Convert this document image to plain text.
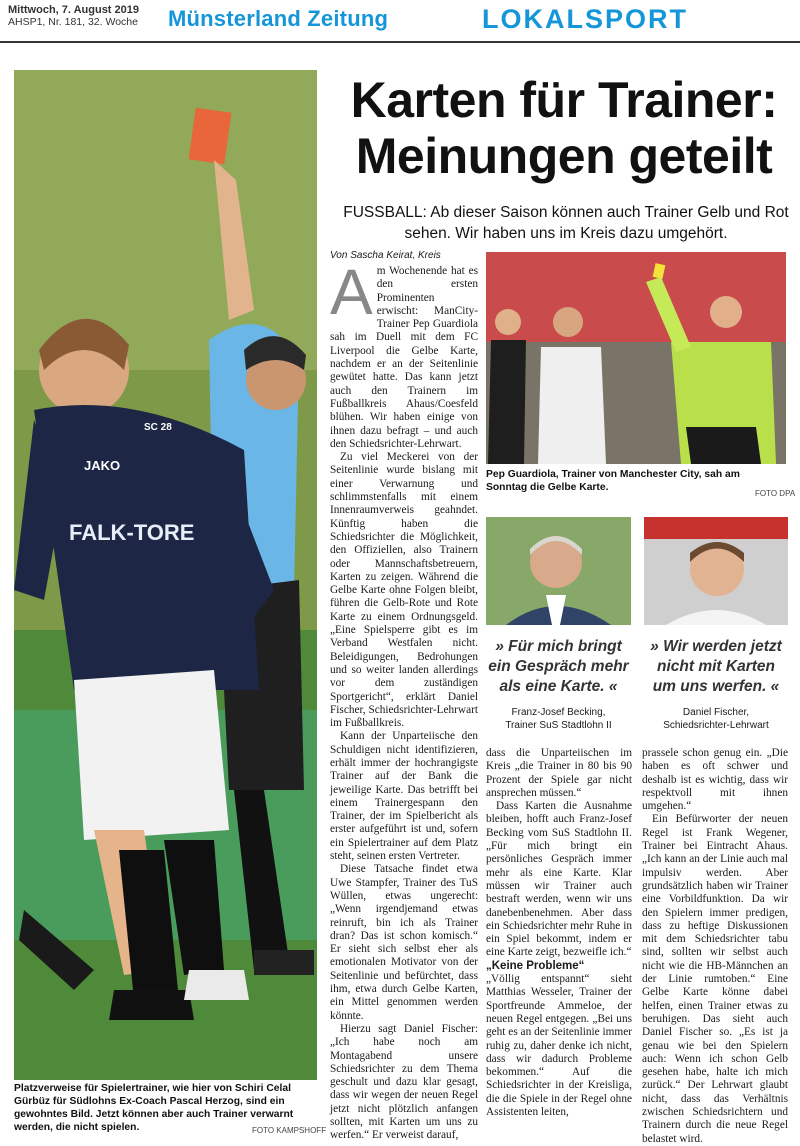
Mittwoch, 7. August 2019
AHSP1, Nr. 181, 32. Woche Münsterland Zeitung	LOKALSPORT
JAKO
SC 28
FALK-TORE
Platzverweise für Spielertrainer, wie hier von Schiri Celal Gürbüz für Südlohns Ex-Coach Pascal Herzog, sind ein gewohntes Bild. Jetzt können aber auch Trainer verwarnt werden, die nicht spielen.	FOTO KAMPSHOFF
Karten für Trainer:
Meinungen geteilt
FUSSBALL: Ab dieser Saison können auch Trainer Gelb und Rot sehen. Wir haben uns im Kreis dazu umgehört.
Von Sascha Keirat, Kreis
A m Wochenende hat es den ersten Prominenten erwischt: ManCity-Trainer Pep Guardiola sah im Duell mit dem FC Liverpool die Gelbe Karte, nachdem er an der Seitenlinie gewütet hatte. Das kann jetzt auch den Trainern im Fußballkreis Ahaus/Coesfeld blühen. Wir haben einige von ihnen dazu befragt – und auch den Schiedsrichter-Lehrwart.

Zu viel Meckerei von der Seitenlinie wurde bislang mit einer Verwarnung und schlimmstenfalls mit einem Innenraumverweis geahndet. Künftig haben die Schiedsrichter die Möglichkeit, den Offiziellen, also Trainern oder Mannschaftsbetreuern, Karten zu zeigen. Während die Gelbe Karte ohne Folgen bleibt, führen die Gelb-Rote und Rote Karte zu einem Ordnungsgeld. „Eine Spielsperre gibt es im Verband Westfalen nicht. Beleidigungen, Bedrohungen und so weiter landen allerdings vor dem zuständigen Sportgericht“, erklärt Daniel Fischer, Schiedsrichter-Lehrwart im Fußballkreis.

Kann der Unparteiische den Schuldigen nicht identifizieren, erhält immer der hochrangigste Trainer auf der Bank die jeweilige Karte. Das betrifft bei einem Trainergespann den Trainer, der im Spielbericht als erster aufgeführt ist und, sofern ein Spielertrainer auf dem Platz steht, seinen ersten Vertreter.

Diese Tatsache findet etwa Uwe Stampfer, Trainer des TuS Wüllen, etwas ungerecht: „Wenn irgendjemand etwas reinruft, bin ich als Trainer dran? Das ist schon komisch.“ Er sieht sich selbst eher als emotionalen Motivator von der Seitenlinie und befürchtet, dass ihm, etwa durch Gelbe Karten, ein Mittel genommen werden könnte.

Hierzu sagt Daniel Fischer: „Ich habe noch am Montagabend unsere Schiedsrichter zu dem Thema geschult und dazu klar gesagt, dass wir wegen der neuen Regel jetzt nicht plötzlich anfangen sollten, mit Karten um uns zu werfen.“ Er verweist darauf,

Pep Guardiola, Trainer von Manchester City, sah am Sonntag die Gelbe Karte.
FOTO DPA
» Für mich bringt ein Gespräch mehr als eine Karte. «
Franz-Josef Becking,
Trainer SuS Stadtlohn II
» Wir werden jetzt nicht mit Karten um uns werfen. «
Daniel Fischer,
Schiedsrichter-Lehrwart

dass die Unparteiischen im Kreis „die Trainer in 80 bis 90 Prozent der Spiele gar nicht ansprechen müssen.“

Dass Karten die Ausnahme bleiben, hofft auch Franz-Josef Becking vom SuS Stadtlohn II. „Für mich bringt ein persönliches Gespräch immer mehr als eine Karte. Klar müssen wir Trainer auch bestraft werden, wenn wir uns danebenbenehmen. Aber dass ein Schiedsrichter mehr Ruhe in ein Spiel bekommt, indem er eine Karte zeigt, bezweifle ich.“

„Keine Probleme“

„Völlig entspannt“ sieht Matthias Wesseler, Trainer der Sportfreunde Ammeloe, der neuen Regel entgegen. „Bei uns geht es an der Seitenlinie immer ruhig zu, daher denke ich nicht, dass wir dadurch Probleme bekommen.“ Auf die Schiedsrichter in der Kreisliga, die die Spiele in der Regel ohne Assistenten leiten,

prassele schon genug ein. „Die haben es oft schwer und deshalb ist es wichtig, dass wir respektvoll mit ihnen umgehen.“

Ein Befürworter der neuen Regel ist Frank Wegener, Trainer bei Eintracht Ahaus. „Ich kann an der Linie auch mal impulsiv werden. Aber grundsätzlich haben wir Trainer eine Vorbildfunktion. Da wir den Spielern immer predigen, dass zu heftige Diskussionen mit dem Schiedsrichter tabu sind, sollten wir selbst auch nicht wie die HB-Männchen an der Linie rumtoben.“ Eine Gelbe Karte könne dabei helfen, einen Trainer etwas zu beruhigen. Das sieht auch Daniel Fischer so. „Es ist ja genau wie bei den Spielern auch: Wenn ich schon Gelb gesehen habe, halte ich mich zurück.“ Der Lehrwart glaubt nicht, dass das Verhältnis zwischen Schiedsrichtern und Trainern durch die neue Regel belastet wird.
